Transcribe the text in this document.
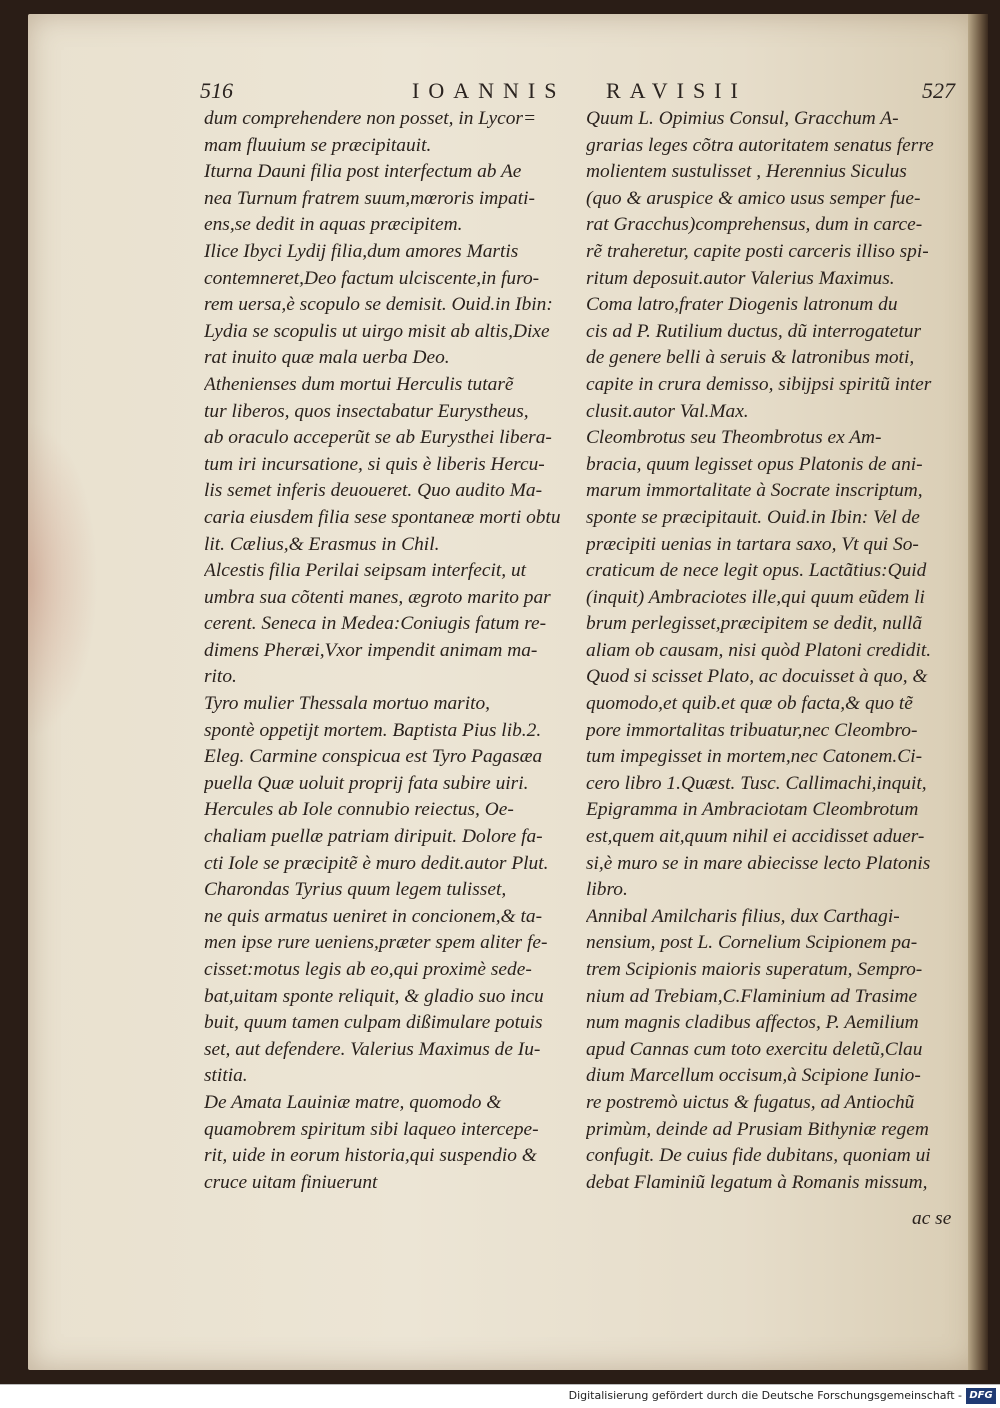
516	IOANNIS RAVISII	527
dum comprehendere non posset, in Lycor=
mam fluuium se præcipitauit.
Iturna Dauni filia post interfectum ab Ae
nea Turnum fratrem suum,mœroris impati-
ens,se dedit in aquas præcipitem.
Ilice Ibyci Lydij filia,dum amores Martis
contemneret,Deo factum ulciscente,in furo-
rem uersa,è scopulo se demisit. Ouid.in Ibin:
Lydia se scopulis ut uirgo misit ab altis,Dixe
rat inuito quæ mala uerba Deo.
Athenienses dum mortui Herculis tutarẽ
tur liberos, quos insectabatur Eurystheus,
ab oraculo acceperũt se ab Eurysthei libera-
tum iri incursatione, si quis è liberis Hercu-
lis semet inferis deuoueret. Quo audito Ma-
caria eiusdem filia sese spontaneæ morti obtu
lit. Cælius,& Erasmus in Chil.
Alcestis filia Perilai seipsam interfecit, ut
umbra sua cõtenti manes, ægroto marito par
cerent. Seneca in Medea:Coniugis fatum re-
dimens Pheræi,Vxor impendit animam ma-
rito.
Tyro mulier Thessala mortuo marito,
spontè oppetijt mortem. Baptista Pius lib.2.
Eleg. Carmine conspicua est Tyro Pagasæa
puella Quæ uoluit proprij fata subire uiri.
Hercules ab Iole connubio reiectus, Oe-
chaliam puellæ patriam diripuit. Dolore fa-
cti Iole se præcipitẽ è muro dedit.autor Plut.
Charondas Tyrius quum legem tulisset,
ne quis armatus ueniret in concionem,& ta-
men ipse rure ueniens,præter spem aliter fe-
cisset:motus legis ab eo,qui proximè sede-
bat,uitam sponte reliquit, & gladio suo incu
buit, quum tamen culpam dißimulare potuis
set, aut defendere. Valerius Maximus de Iu-
stitia.
De Amata Lauiniæ matre, quomodo &
quamobrem spiritum sibi laqueo intercepe-
rit, uide in eorum historia,qui suspendio &
cruce uitam finiuerunt
Quum L. Opimius Consul, Gracchum A-
grarias leges cõtra autoritatem senatus ferre
molientem sustulisset , Herennius Siculus
(quo & aruspice & amico usus semper fue-
rat Gracchus)comprehensus, dum in carce-
rẽ traheretur, capite posti carceris illiso spi-
ritum deposuit.autor Valerius Maximus.
Coma latro,frater Diogenis latronum du
cis ad P. Rutilium ductus, dũ interrogatetur
de genere belli à seruis & latronibus moti,
capite in crura demisso, sibijpsi spiritũ inter
clusit.autor Val.Max.
Cleombrotus seu Theombrotus ex Am-
bracia, quum legisset opus Platonis de ani-
marum immortalitate à Socrate inscriptum,
sponte se præcipitauit. Ouid.in Ibin: Vel de
præcipiti uenias in tartara saxo, Vt qui So-
craticum de nece legit opus. Lactãtius:Quid
(inquit) Ambraciotes ille,qui quum eũdem li
brum perlegisset,præcipitem se dedit, nullã
aliam ob causam, nisi quòd Platoni credidit.
Quod si scisset Plato, ac docuisset à quo, &
quomodo,et quib.et quæ ob facta,& quo tẽ
pore immortalitas tribuatur,nec Cleombro-
tum impegisset in mortem,nec Catonem.Ci-
cero libro 1.Quæst. Tusc. Callimachi,inquit,
Epigramma in Ambraciotam Cleombrotum
est,quem ait,quum nihil ei accidisset aduer-
si,è muro se in mare abiecisse lecto Platonis
libro.
Annibal Amilcharis filius, dux Carthagi-
nensium, post L. Cornelium Scipionem pa-
trem Scipionis maioris superatum, Sempro-
nium ad Trebiam,C.Flaminium ad Trasime
num magnis cladibus affectos, P. Aemilium
apud Cannas cum toto exercitu deletũ,Clau
dium Marcellum occisum,à Scipione Iunio-
re postremò uictus & fugatus, ad Antiochũ
primùm, deinde ad Prusiam Bithyniæ regem
confugit. De cuius fide dubitans, quoniam ui
debat Flaminiũ legatum à Romanis missum,
ac se
Digitalisierung gefördert durch die Deutsche Forschungsgemeinschaft - DFG
